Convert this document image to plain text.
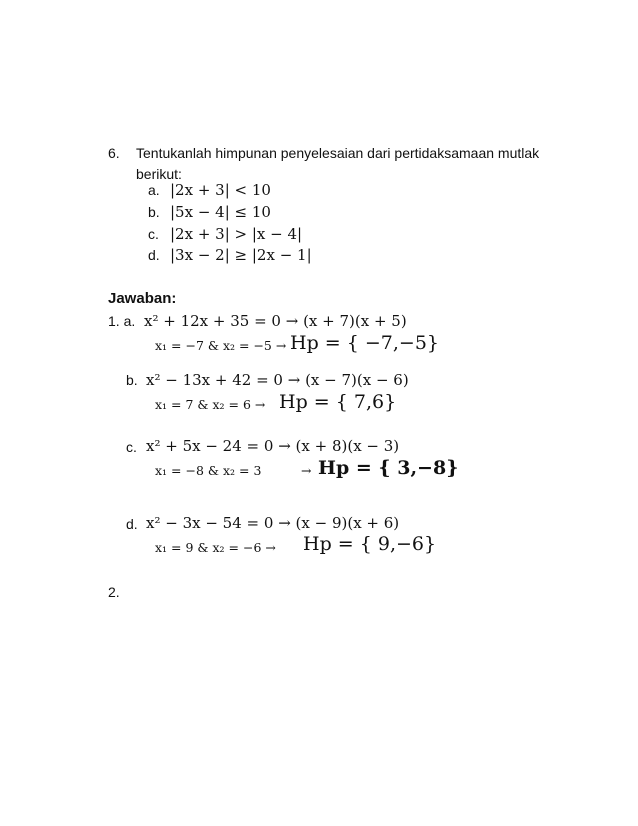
6. Tentukanlah himpunan penyelesaian dari pertidaksamaan mutlak
berikut:
a. |2x + 3| < 10
b. |5x − 4| ≤ 10
c. |2x + 3| > |x − 4|
d. |3x − 2| ≥ |2x − 1|
Jawaban:
1. a. x² + 12x + 35 = 0 → (x + 7)(x + 5)
x₁ = −7 & x₂ = −5 → Hp = { −7,−5}
b. x² − 13x + 42 = 0 → (x − 7)(x − 6)
x₁ = 7 & x₂ = 6 → Hp = { 7,6}
c. x² + 5x − 24 = 0 → (x + 8)(x − 3)
x₁ = −8 & x₂ = 3	→ Hp = { 3,−8}
d. x² − 3x − 54 = 0 → (x − 9)(x + 6)
x₁ = 9 & x₂ = −6 → Hp = { 9,−6}
2.
